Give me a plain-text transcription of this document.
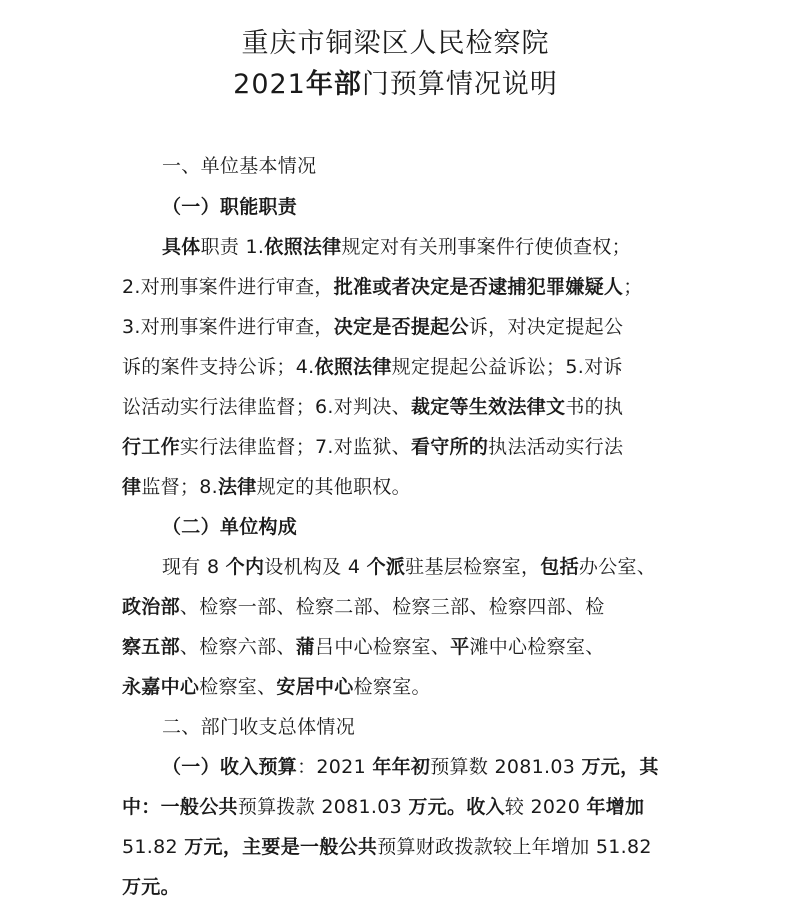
重庆市铜梁区人民检察院
2021年部门预算情况说明
一、单位基本情况
（一）职能职责
具体职责 1.依照法律规定对有关刑事案件行使侦查权；
2.对刑事案件进行审查，批准或者决定是否逮捕犯罪嫌疑人；
3.对刑事案件进行审查，决定是否提起公诉，对决定提起公
诉的案件支持公诉；4.依照法律规定提起公益诉讼；5.对诉
讼活动实行法律监督；6.对判决、裁定等生效法律文书的执
行工作实行法律监督；7.对监狱、看守所的执法活动实行法
律监督；8.法律规定的其他职权。
（二）单位构成
现有 8 个内设机构及 4 个派驻基层检察室，包括办公室、
政治部、检察一部、检察二部、检察三部、检察四部、检
察五部、检察六部、蒲吕中心检察室、平滩中心检察室、
永嘉中心检察室、安居中心检察室。
二、部门收支总体情况
（一）收入预算：2021 年年初预算数 2081.03 万元，其
中：一般公共预算拨款 2081.03 万元。收入较 2020 年增加
51.82 万元，主要是一般公共预算财政拨款较上年增加 51.82
万元。
